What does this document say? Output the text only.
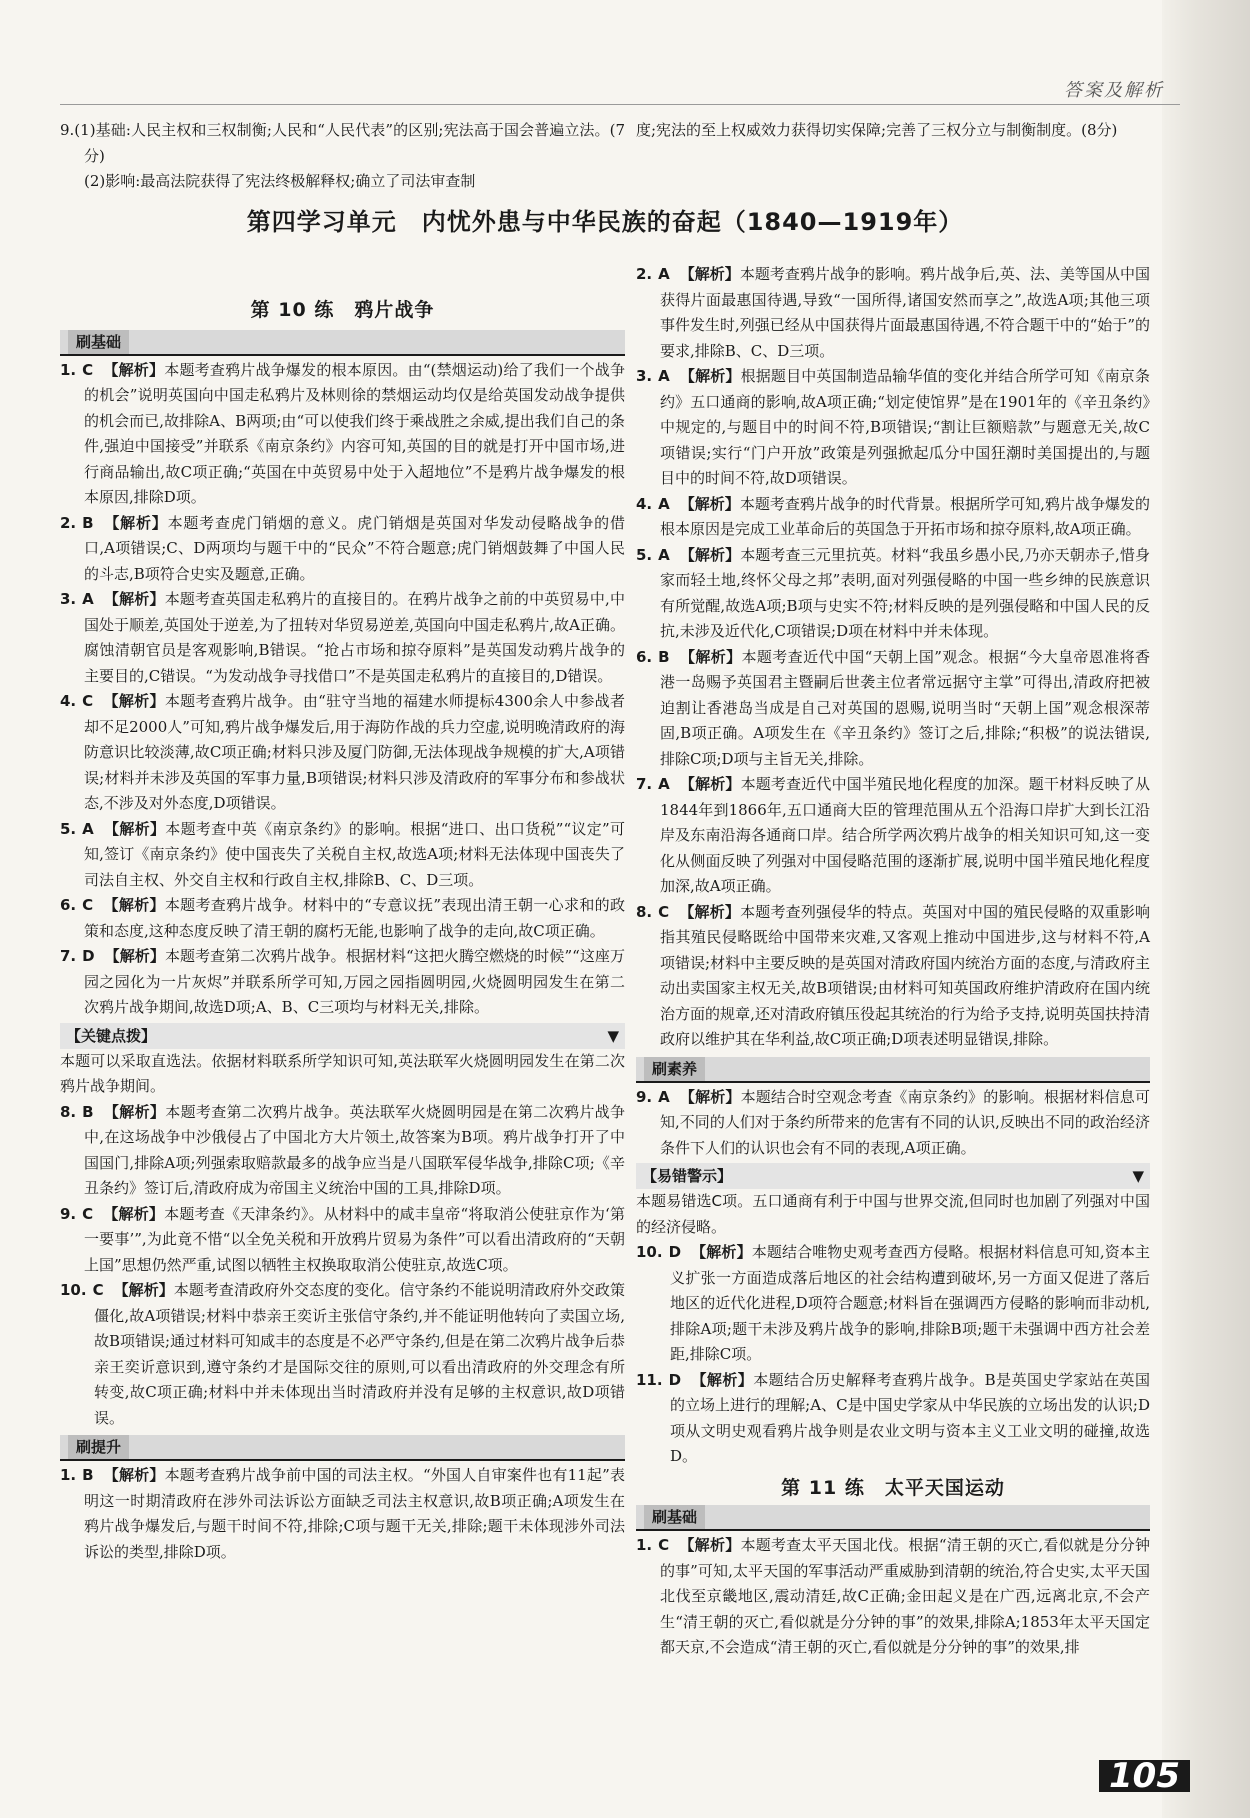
答案及解析

9.(1)基础:人民主权和三权制衡;人民和“人民代表”的区别;宪法高于国会普遍立法。(7分)

(2)影响:最高法院获得了宪法终极解释权;确立了司法审查制

度;宪法的至上权威效力获得切实保障;完善了三权分立与制衡制度。(8分)

第四学习单元　内忧外患与中华民族的奋起（1840—1919年）
第 10 练　鸦片战争
刷基础

1. C 【解析】本题考查鸦片战争爆发的根本原因。由“(禁烟运动)给了我们一个战争的机会”说明英国向中国走私鸦片及林则徐的禁烟运动均仅是给英国发动战争提供的机会而已,故排除A、B两项;由“可以使我们终于乘战胜之余威,提出我们自己的条件,强迫中国接受”并联系《南京条约》内容可知,英国的目的就是打开中国市场,进行商品输出,故C项正确;“英国在中英贸易中处于入超地位”不是鸦片战争爆发的根本原因,排除D项。

2. B 【解析】本题考查虎门销烟的意义。虎门销烟是英国对华发动侵略战争的借口,A项错误;C、D两项均与题干中的“民众”不符合题意;虎门销烟鼓舞了中国人民的斗志,B项符合史实及题意,正确。

3. A 【解析】本题考查英国走私鸦片的直接目的。在鸦片战争之前的中英贸易中,中国处于顺差,英国处于逆差,为了扭转对华贸易逆差,英国向中国走私鸦片,故A正确。腐蚀清朝官员是客观影响,B错误。“抢占市场和掠夺原料”是英国发动鸦片战争的主要目的,C错误。“为发动战争寻找借口”不是英国走私鸦片的直接目的,D错误。

4. C 【解析】本题考查鸦片战争。由“驻守当地的福建水师提标4300余人中参战者却不足2000人”可知,鸦片战争爆发后,用于海防作战的兵力空虚,说明晚清政府的海防意识比较淡薄,故C项正确;材料只涉及厦门防御,无法体现战争规模的扩大,A项错误;材料并未涉及英国的军事力量,B项错误;材料只涉及清政府的军事分布和参战状态,不涉及对外态度,D项错误。

5. A 【解析】本题考查中英《南京条约》的影响。根据“进口、出口货税”“议定”可知,签订《南京条约》使中国丧失了关税自主权,故选A项;材料无法体现中国丧失了司法自主权、外交自主权和行政自主权,排除B、C、D三项。

6. C 【解析】本题考查鸦片战争。材料中的“专意议抚”表现出清王朝一心求和的政策和态度,这种态度反映了清王朝的腐朽无能,也影响了战争的走向,故C项正确。

7. D 【解析】本题考查第二次鸦片战争。根据材料“这把火腾空燃烧的时候”“这座万园之园化为一片灰烬”并联系所学可知,万园之园指圆明园,火烧圆明园发生在第二次鸦片战争期间,故选D项;A、B、C三项均与材料无关,排除。

【关键点拨】	▼

本题可以采取直选法。依据材料联系所学知识可知,英法联军火烧圆明园发生在第二次鸦片战争期间。

8. B 【解析】本题考查第二次鸦片战争。英法联军火烧圆明园是在第二次鸦片战争中,在这场战争中沙俄侵占了中国北方大片领土,故答案为B项。鸦片战争打开了中国国门,排除A项;列强索取赔款最多的战争应当是八国联军侵华战争,排除C项;《辛丑条约》签订后,清政府成为帝国主义统治中国的工具,排除D项。

9. C 【解析】本题考查《天津条约》。从材料中的咸丰皇帝“将取消公使驻京作为‘第一要事’”,为此竟不惜“以全免关税和开放鸦片贸易为条件”可以看出清政府的“天朝上国”思想仍然严重,试图以牺牲主权换取取消公使驻京,故选C项。

10. C 【解析】本题考查清政府外交态度的变化。信守条约不能说明清政府外交政策僵化,故A项错误;材料中恭亲王奕䜣主张信守条约,并不能证明他转向了卖国立场,故B项错误;通过材料可知咸丰的态度是不必严守条约,但是在第二次鸦片战争后恭亲王奕䜣意识到,遵守条约才是国际交往的原则,可以看出清政府的外交理念有所转变,故C项正确;材料中并未体现出当时清政府并没有足够的主权意识,故D项错误。

刷提升

1. B 【解析】本题考查鸦片战争前中国的司法主权。“外国人自审案件也有11起”表明这一时期清政府在涉外司法诉讼方面缺乏司法主权意识,故B项正确;A项发生在鸦片战争爆发后,与题干时间不符,排除;C项与题干无关,排除;题干未体现涉外司法诉讼的类型,排除D项。

2. A 【解析】本题考查鸦片战争的影响。鸦片战争后,英、法、美等国从中国获得片面最惠国待遇,导致“一国所得,诸国安然而享之”,故选A项;其他三项事件发生时,列强已经从中国获得片面最惠国待遇,不符合题干中的“始于”的要求,排除B、C、D三项。

3. A 【解析】根据题目中英国制造品输华值的变化并结合所学可知《南京条约》五口通商的影响,故A项正确;“划定使馆界”是在1901年的《辛丑条约》中规定的,与题目中的时间不符,B项错误;“割让巨额赔款”与题意无关,故C项错误;实行“门户开放”政策是列强掀起瓜分中国狂潮时美国提出的,与题目中的时间不符,故D项错误。

4. A 【解析】本题考查鸦片战争的时代背景。根据所学可知,鸦片战争爆发的根本原因是完成工业革命后的英国急于开拓市场和掠夺原料,故A项正确。

5. A 【解析】本题考查三元里抗英。材料“我虽乡愚小民,乃亦天朝赤子,惜身家而轻土地,终怀父母之邦”表明,面对列强侵略的中国一些乡绅的民族意识有所觉醒,故选A项;B项与史实不符;材料反映的是列强侵略和中国人民的反抗,未涉及近代化,C项错误;D项在材料中并未体现。

6. B 【解析】本题考查近代中国“天朝上国”观念。根据“今大皇帝恩准将香港一岛赐予英国君主暨嗣后世袭主位者常远据守主掌”可得出,清政府把被迫割让香港岛当成是自己对英国的恩赐,说明当时“天朝上国”观念根深蒂固,B项正确。A项发生在《辛丑条约》签订之后,排除;“积极”的说法错误,排除C项;D项与主旨无关,排除。

7. A 【解析】本题考查近代中国半殖民地化程度的加深。题干材料反映了从1844年到1866年,五口通商大臣的管理范围从五个沿海口岸扩大到长江沿岸及东南沿海各通商口岸。结合所学两次鸦片战争的相关知识可知,这一变化从侧面反映了列强对中国侵略范围的逐渐扩展,说明中国半殖民地化程度加深,故A项正确。

8. C 【解析】本题考查列强侵华的特点。英国对中国的殖民侵略的双重影响指其殖民侵略既给中国带来灾难,又客观上推动中国进步,这与材料不符,A项错误;材料中主要反映的是英国对清政府国内统治方面的态度,与清政府主动出卖国家主权无关,故B项错误;由材料可知英国政府维护清政府在国内统治方面的规章,还对清政府镇压役起其统治的行为给予支持,说明英国扶持清政府以维护其在华利益,故C项正确;D项表述明显错误,排除。

刷素养

9. A 【解析】本题结合时空观念考查《南京条约》的影响。根据材料信息可知,不同的人们对于条约所带来的危害有不同的认识,反映出不同的政治经济条件下人们的认识也会有不同的表现,A项正确。

【易错警示】	▼

本题易错选C项。五口通商有利于中国与世界交流,但同时也加剧了列强对中国的经济侵略。

10. D 【解析】本题结合唯物史观考查西方侵略。根据材料信息可知,资本主义扩张一方面造成落后地区的社会结构遭到破坏,另一方面又促进了落后地区的近代化进程,D项符合题意;材料旨在强调西方侵略的影响而非动机,排除A项;题干未涉及鸦片战争的影响,排除B项;题干未强调中西方社会差距,排除C项。

11. D 【解析】本题结合历史解释考查鸦片战争。B是英国史学家站在英国的立场上进行的理解;A、C是中国史学家从中华民族的立场出发的认识;D项从文明史观看鸦片战争则是农业文明与资本主义工业文明的碰撞,故选D。

第 11 练　太平天国运动
刷基础

1. C 【解析】本题考查太平天国北伐。根据“清王朝的灭亡,看似就是分分钟的事”可知,太平天国的军事活动严重威胁到清朝的统治,符合史实,太平天国北伐至京畿地区,震动清廷,故C正确;金田起义是在广西,远离北京,不会产生“清王朝的灭亡,看似就是分分钟的事”的效果,排除A;1853年太平天国定都天京,不会造成“清王朝的灭亡,看似就是分分钟的事”的效果,排

105
